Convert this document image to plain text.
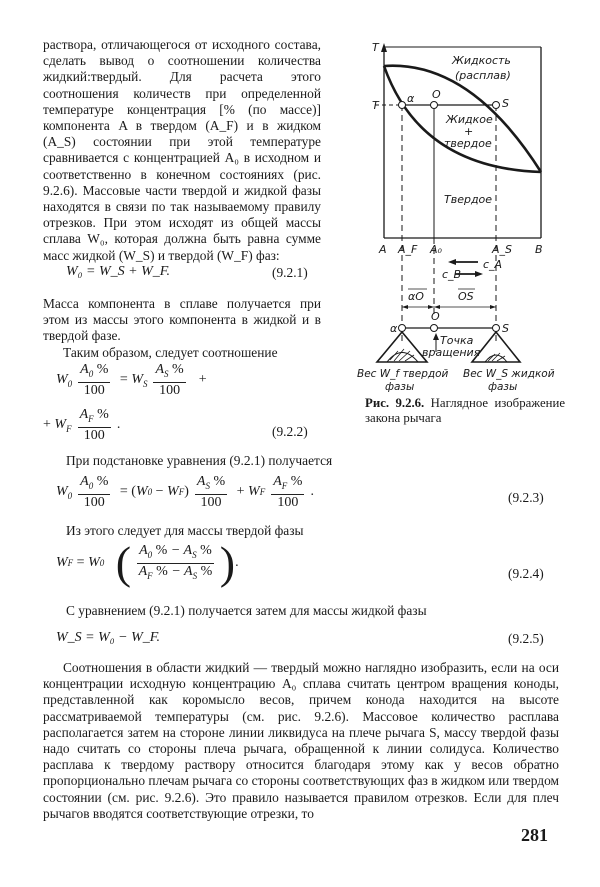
раствора, отличающегося от исходного состава, сделать вывод о соотношении количества жидкий:твердый. Для расчета этого соотношения количеств при определенной температуре концентрация [% (по массе)] компонента A в твердом (A_F) и в жидком (A_S) состоянии при этой температуре сравнивается с концентрацией A₀ в исходном и соответственно в конечном состояниях (рис. 9.2.6). Массовые части твердой и жидкой фазы находятся в связи по так называемому правилу отрезков. При этом исходят из общей массы сплава W₀, которая должна быть равна сумме масс жидкой (W_S) и твердой (W_F) фаз:

W₀ = W_S + W_F.	(9.2.1)

Масса компонента в сплаве получается при этом из массы этого компонента в жидкой и в твердой фазе.

Таким образом, следует соотношение

$W_0 \frac{A_0 \%}{100} = W_S \frac{A_S \%}{100}$ +
+ $W_F \frac{A_F \%}{100}$ .	(9.2.2)
T
T
Жидкость
(расплав)
α O
S
Жидкое
+
твердое
Твердое
A A_F A₀	A_S B
c_A
c_B
αO	OS
O
α	S
Точка
вращения
Вес W_f твердой
фазы
Вес W_S жидкой
фазы
Рис. 9.2.6. Наглядное изображение закона рычага
При подстановке уравнения (9.2.1) получается
$W_0 \frac{A_0 \%}{100}$ = ( W 0 − W F ) $\frac{A_S \%}{100} + W$ F $\frac{A_F \%}{100}$ .	(9.2.3)
Из этого следует для массы твердой фазы
W F = W 0 ( $\frac{A_0 \% - A_S \%}{A_F \% - A_S \%}$ ) .
(9.2.4)
С уравнением (9.2.1) получается затем для массы жидкой фазы
W_S = W₀ − W_F.	(9.2.5)

Соотношения в области жидкий — твердый можно наглядно изобразить, если на оси концентрации исходную концентрацию A₀ сплава считать центром вращения коноды, представленной как коромысло весов, причем конода находится на высоте рассматриваемой температуры (см. рис. 9.2.6). Массовое количество расплава располагается затем на стороне линии ликвидуса на плече рычага S, массу твердой фазы надо считать со стороны плеча рычага, обращенной к линии солидуса. Количество расплава к твердому раствору относится благодаря этому как у весов обратно пропорционально плечам рычага со стороны соответствующих фаз в жидком или твердом состоянии (см. рис. 9.2.6). Это правило называется правилом отрезков. Если для плеч рычагов вводятся соответствующие отрезки, то

281
